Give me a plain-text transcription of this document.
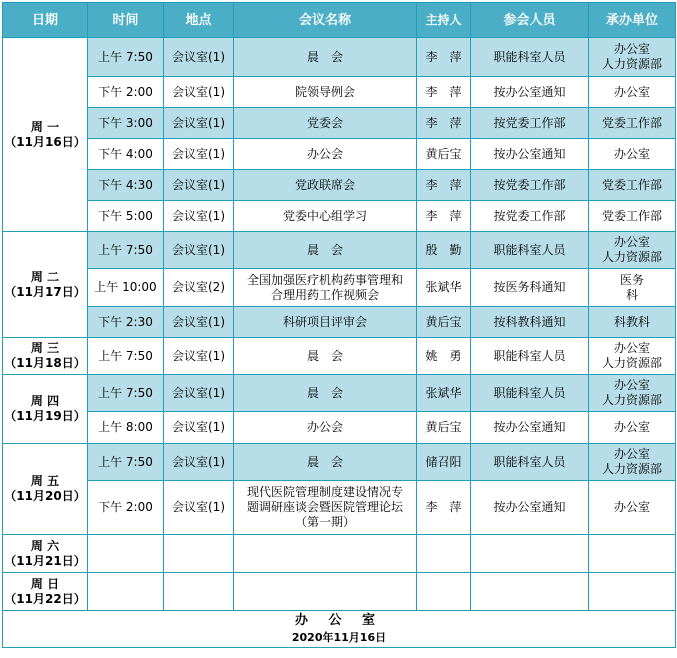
日期	时间	地点	会议名称	主持人	参会人员	承办单位

周 一
（11月16日）	上午 7:50	会议室(1)	晨　会	李　萍	职能科室人员	办公室
人力资源部

	下午 2:00	会议室(1)	院领导例会	李　萍	按办公室通知	办公室

	下午 3:00	会议室(1)	党委会	李　萍	按党委工作部	党委工作部

	下午 4:00	会议室(1)	办公会	黄后宝	按办公室通知	办公室

	下午 4:30	会议室(1)	党政联席会	李　萍	按党委工作部	党委工作部

	下午 5:00	会议室(1)	党委中心组学习	李　萍	按党委工作部	党委工作部

周 二
（11月17日）	上午 7:50	会议室(1)	晨　会	殷　勤	职能科室人员	办公室
人力资源部

	上午 10:00	会议室(2)	全国加强医疗机构药事管理和
合理用药工作视频会	张斌华	按医务科通知	医务
科

	下午 2:30	会议室(1)	科研项目评审会	黄后宝	按科教科通知	科教科

周 三
（11月18日）	上午 7:50	会议室(1)	晨　会	姚　勇	职能科室人员	办公室
人力资源部

周 四
（11月19日）	上午 7:50	会议室(1)	晨　会	张斌华	职能科室人员	办公室
人力资源部

	上午 8:00	会议室(1)	办公会	黄后宝	按办公室通知	办公室

周 五
（11月20日）	上午 7:50	会议室(1)	晨　会	储召阳	职能科室人员	办公室
人力资源部

	下午 2:00	会议室(1)	现代医院管理制度建设情况专
题调研座谈会暨医院管理论坛
（第一期）	李　萍	按办公室通知	办公室

周 六
（11月21日）						

周 日
（11月22日）						

办 公 室
2020年11月16日						
